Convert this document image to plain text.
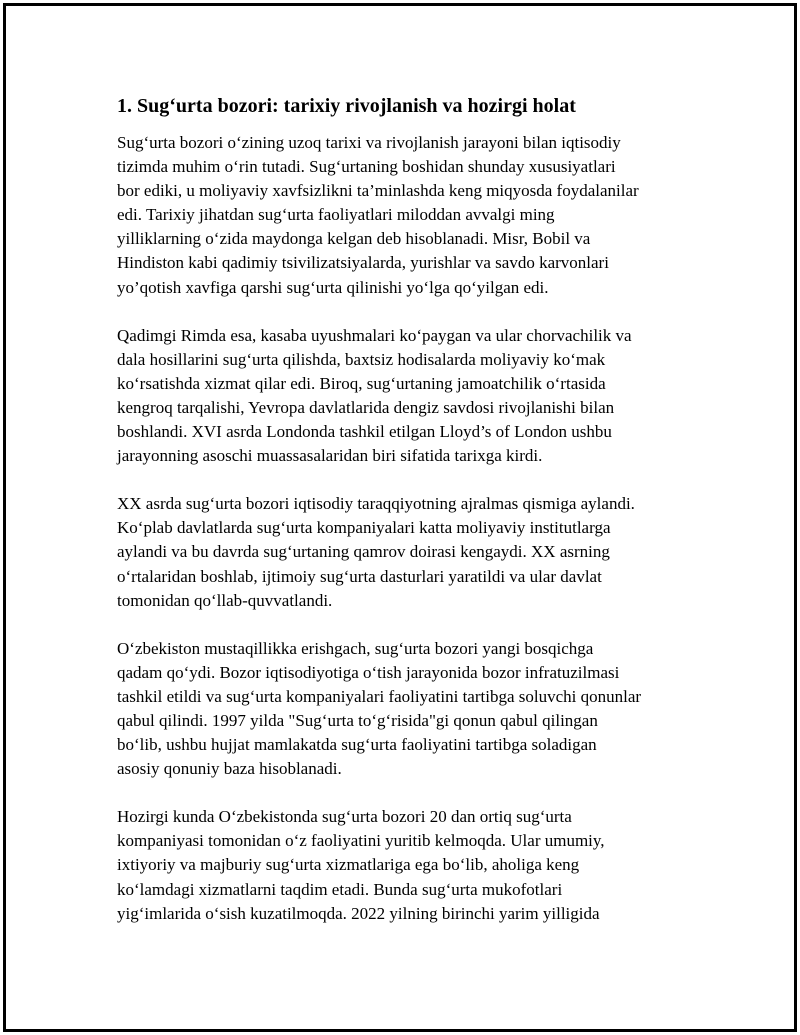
1. Sug‘urta bozori: tarixiy rivojlanish va hozirgi holat
Sug‘urta bozori o‘zining uzoq tarixi va rivojlanish jarayoni bilan iqtisodiy
tizimda muhim o‘rin tutadi. Sug‘urtaning boshidan shunday xususiyatlari
bor ediki, u moliyaviy xavfsizlikni ta’minlashda keng miqyosda foydalanilar
edi. Tarixiy jihatdan sug‘urta faoliyatlari miloddan avvalgi ming
yilliklarning o‘zida maydonga kelgan deb hisoblanadi. Misr, Bobil va
Hindiston kabi qadimiy tsivilizatsiyalarda, yurishlar va savdo karvonlari
yo’qotish xavfiga qarshi sug‘urta qilinishi yo‘lga qo‘yilgan edi.
Qadimgi Rimda esa, kasaba uyushmalari ko‘paygan va ular chorvachilik va
dala hosillarini sug‘urta qilishda, baxtsiz hodisalarda moliyaviy ko‘mak
ko‘rsatishda xizmat qilar edi. Biroq, sug‘urtaning jamoatchilik o‘rtasida
kengroq tarqalishi, Yevropa davlatlarida dengiz savdosi rivojlanishi bilan
boshlandi. XVI asrda Londonda tashkil etilgan Lloyd’s of London ushbu
jarayonning asoschi muassasalaridan biri sifatida tarixga kirdi.
XX asrda sug‘urta bozori iqtisodiy taraqqiyotning ajralmas qismiga aylandi.
Ko‘plab davlatlarda sug‘urta kompaniyalari katta moliyaviy institutlarga
aylandi va bu davrda sug‘urtaning qamrov doirasi kengaydi. XX asrning
o‘rtalaridan boshlab, ijtimoiy sug‘urta dasturlari yaratildi va ular davlat
tomonidan qo‘llab-quvvatlandi.
O‘zbekiston mustaqillikka erishgach, sug‘urta bozori yangi bosqichga
qadam qo‘ydi. Bozor iqtisodiyotiga o‘tish jarayonida bozor infratuzilmasi
tashkil etildi va sug‘urta kompaniyalari faoliyatini tartibga soluvchi qonunlar
qabul qilindi. 1997 yilda "Sug‘urta to‘g‘risida"gi qonun qabul qilingan
bo‘lib, ushbu hujjat mamlakatda sug‘urta faoliyatini tartibga soladigan
asosiy qonuniy baza hisoblanadi.
Hozirgi kunda O‘zbekistonda sug‘urta bozori 20 dan ortiq sug‘urta
kompaniyasi tomonidan o‘z faoliyatini yuritib kelmoqda. Ular umumiy,
ixtiyoriy va majburiy sug‘urta xizmatlariga ega bo‘lib, aholiga keng
ko‘lamdagi xizmatlarni taqdim etadi. Bunda sug‘urta mukofotlari
yig‘imlarida o‘sish kuzatilmoqda. 2022 yilning birinchi yarim yilligida
